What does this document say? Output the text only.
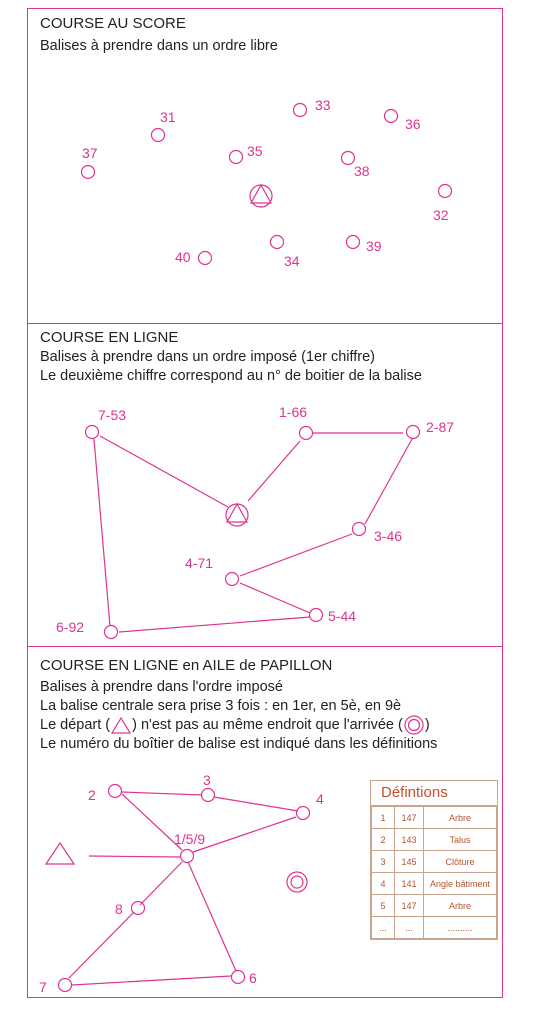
COURSE AU SCORE
Balises à prendre dans un ordre libre
31
33
36
37	35
38
32
40	34
39
COURSE EN LIGNE
Balises à prendre dans un ordre imposé (1er chiffre)
Le deuxième chiffre correspond au n° de boitier de la balise
7-53	1-66
2-87
3-46
4-71
5-44
6-92
COURSE EN LIGNE en AILE de PAPILLON
Balises à prendre dans l'ordre imposé
La balise centrale sera prise 3 fois : en 1er, en 5è, en 9è
Le départ ( ) n'est pas au même endroit que l'arrivée ( )
Le numéro du boîtier de balise est indiqué dans les définitions
2
3
4
1/5/9
8
7
6
Défintions
1	147	Arbre
2	143	Talus
3	145	Clôture
4	141	Angle bâtiment
5	147	Arbre
...	...	..........
